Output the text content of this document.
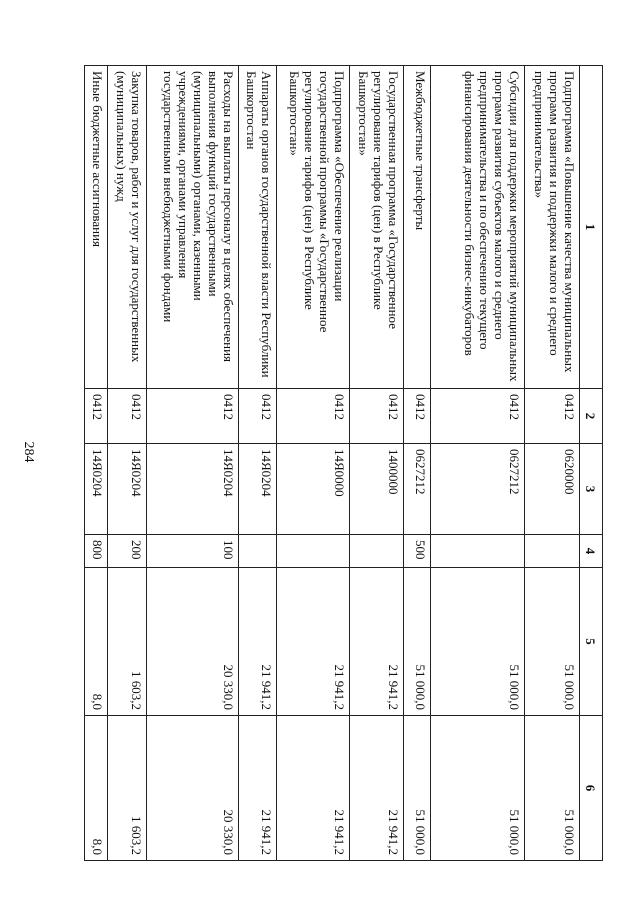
284
1	2	3	4	5	6
Подпрограмма «Повышение качества муниципальных программ развития и поддержки малого и среднего предпринимательства»	0412	0620000		51 000,0	51 000,0
Субсидии для поддержки мероприятий муниципальных программ развития субъектов малого и среднего предпринимательства и по обеспечению текущего финансирования деятельности бизнес-инкубаторов	0412	0627212		51 000,0	51 000,0
Межбюджетные трансферты	0412	0627212	500	51 000,0	51 000,0
Государственная программа «Государственное регулирование тарифов (цен) в Республике Башкортостан»	0412	1400000		21 941,2	21 941,2
Подпрограмма «Обеспечение реализации государственной программы «Государственное регулирование тарифов (цен) в Республике Башкортостан»	0412	14Я0000		21 941,2	21 941,2
Аппараты органов государственной власти Республики Башкортостан	0412	14Я0204		21 941,2	21 941,2
Расходы на выплаты персоналу в целях обеспечения выполнения функций государственными (муниципальными) органами, казенными учреждениями, органами управления государственными внебюджетными фондами	0412	14Я0204	100	20 330,0	20 330,0
Закупка товаров, работ и услуг для государственных (муниципальных) нужд	0412	14Я0204	200	1 603,2	1 603,2
Иные бюджетные ассигнования	0412	14Я0204	800	8,0	8,0
